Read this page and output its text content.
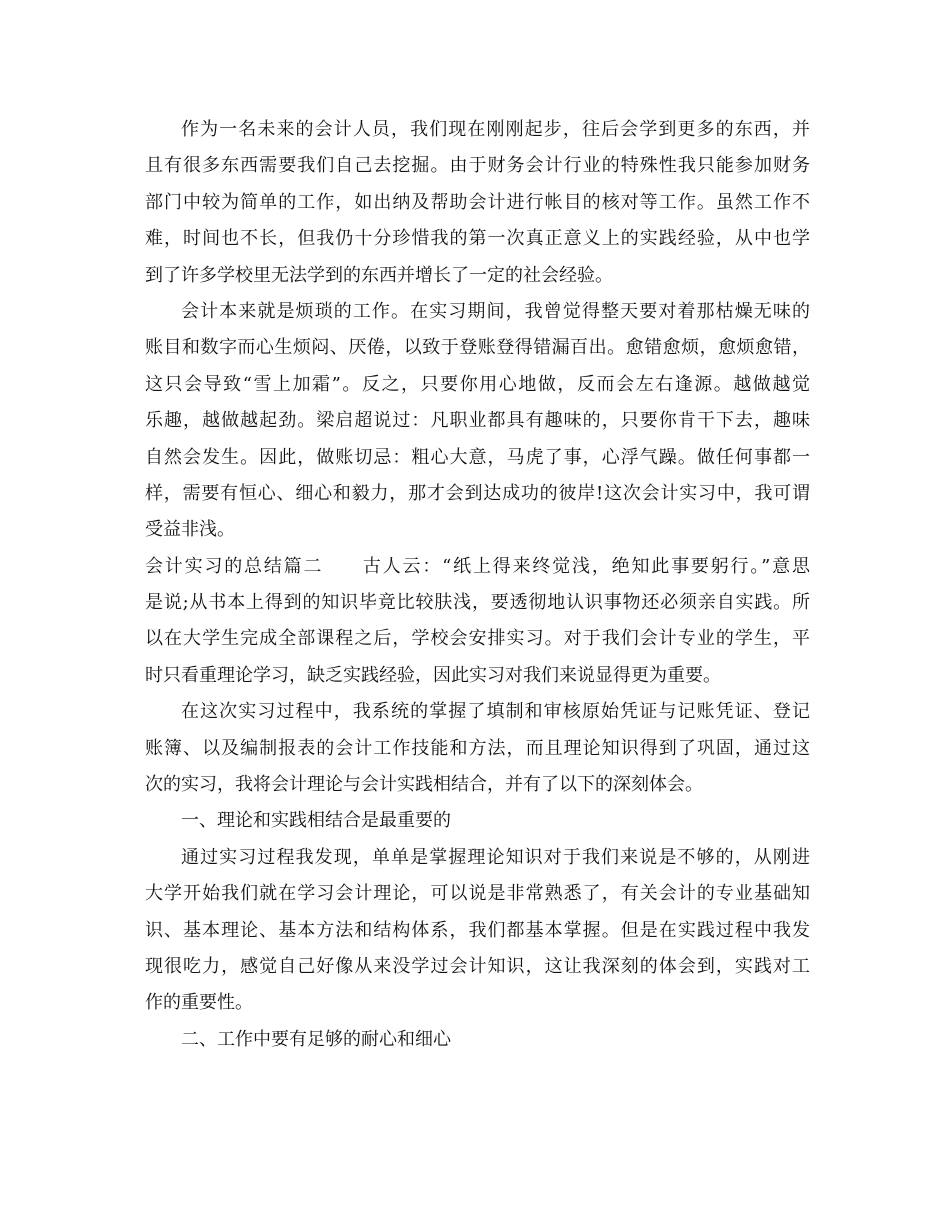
作为一名未来的会计人员，我们现在刚刚起步，往后会学到更多的东西，并
且有很多东西需要我们自己去挖掘。由于财务会计行业的特殊性我只能参加财务
部门中较为简单的工作，如出纳及帮助会计进行帐目的核对等工作。虽然工作不
难，时间也不长，但我仍十分珍惜我的第一次真正意义上的实践经验，从中也学
到了许多学校里无法学到的东西并增长了一定的社会经验。
会计本来就是烦琐的工作。在实习期间，我曾觉得整天要对着那枯燥无味的
账目和数字而心生烦闷、厌倦，以致于登账登得错漏百出。愈错愈烦，愈烦愈错，
这只会导致“雪上加霜”。反之，只要你用心地做，反而会左右逢源。越做越觉
乐趣，越做越起劲。梁启超说过：凡职业都具有趣味的，只要你肯干下去，趣味
自然会发生。因此，做账切忌：粗心大意，马虎了事，心浮气躁。做任何事都一
样，需要有恒心、细心和毅力，那才会到达成功的彼岸!这次会计实习中，我可谓
受益非浅。
会计实习的总结篇二　　古人云：“纸上得来终觉浅，绝知此事要躬行。”意思
是说;从书本上得到的知识毕竟比较肤浅，要透彻地认识事物还必须亲自实践。所
以在大学生完成全部课程之后，学校会安排实习。对于我们会计专业的学生，平
时只看重理论学习，缺乏实践经验，因此实习对我们来说显得更为重要。
在这次实习过程中，我系统的掌握了填制和审核原始凭证与记账凭证、登记
账簿、以及编制报表的会计工作技能和方法，而且理论知识得到了巩固，通过这
次的实习，我将会计理论与会计实践相结合，并有了以下的深刻体会。
一、理论和实践相结合是最重要的
通过实习过程我发现，单单是掌握理论知识对于我们来说是不够的，从刚进
大学开始我们就在学习会计理论，可以说是非常熟悉了，有关会计的专业基础知
识、基本理论、基本方法和结构体系，我们都基本掌握。但是在实践过程中我发
现很吃力，感觉自己好像从来没学过会计知识，这让我深刻的体会到，实践对工
作的重要性。
二、工作中要有足够的耐心和细心
